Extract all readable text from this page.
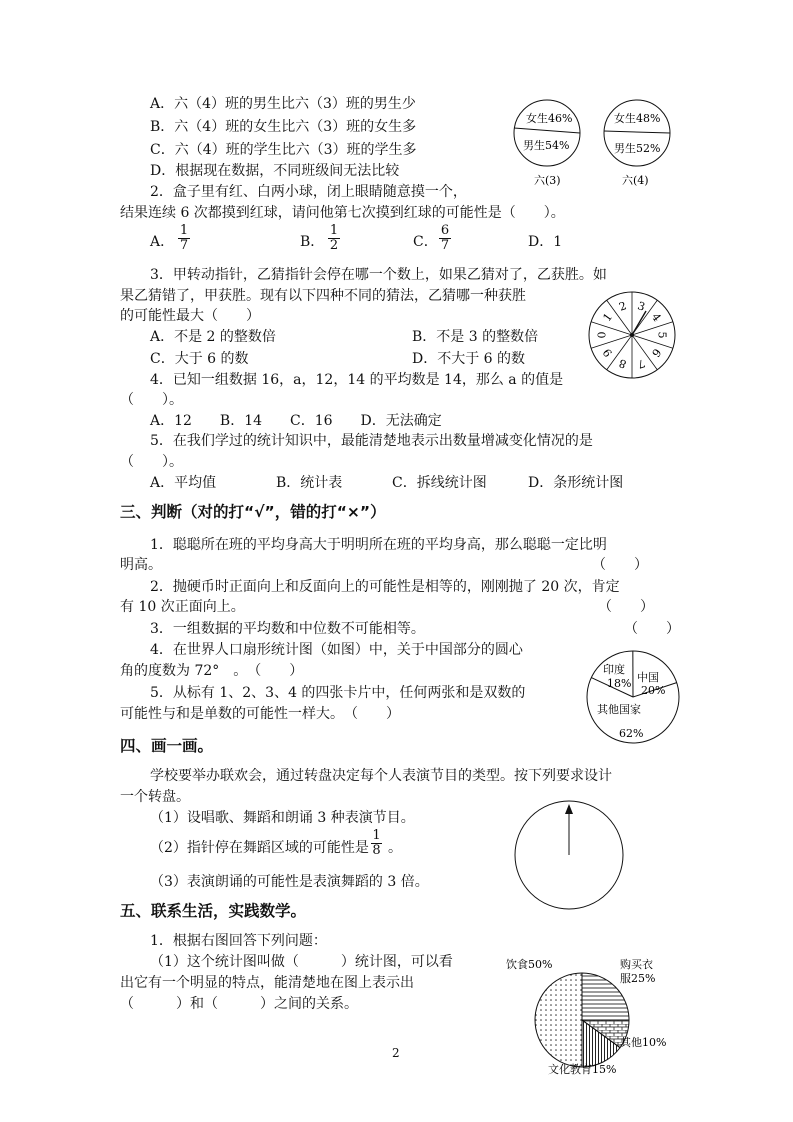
A．六（4）班的男生比六（3）班的男生少
B．六（4）班的女生比六（3）班的女生多
C．六（4）班的学生比六（3）班的学生多
D．根据现在数据，不同班级间无法比较
女生46%
男生54%
六(3)
女生48%
男生52%
六(4)
2．盒子里有红、白两小球，闭上眼睛随意摸一个，
结果连续 6 次都摸到红球，请问他第七次摸到红球的可能性是（　　）。
A． $\frac{1}{7}$	B． $\frac{1}{2}$	C． $\frac{6}{7}$	D．1
3．甲转动指针，乙猜指针会停在哪一个数上，如果乙猜对了，乙获胜。如
果乙猜错了，甲获胜。现有以下四种不同的猜法，乙猜哪一种获胜
的可能性最大（　　）
3
4
5
6
7
8
9
0
1
2
A．不是 2 的整数倍	B．不是 3 的整数倍
C．大于 6 的数	D．不大于 6 的数
4．已知一组数据 16，a，12，14 的平均数是 14，那么 a 的值是
（　　）。
A．12　　B．14　　C．16　　D．无法确定
5．在我们学过的统计知识中，最能清楚地表示出数量增减变化情况的是
（　　）。
A．平均值	B．统计表	C．拆线统计图	D．条形统计图
三、判断（对的打“√”，错的打“×”）
1．聪聪所在班的平均身高大于明明所在班的平均身高，那么聪聪一定比明
明高。	（　　）
2．抛硬币时正面向上和反面向上的可能性是相等的，刚刚抛了 20 次，肯定
有 10 次正面向上。	（　　）
3．一组数据的平均数和中位数不可能相等。	（　　）
4．在世界人口扇形统计图（如图）中，关于中国部分的圆心
角的度数为 72°　。　（　　）
5．从标有 1、2、3、4 的四张卡片中，任何两张和是双数的
可能性与和是单数的可能性一样大。　（　　）
印度
18% 中国
20%
其他国家
62%
四、画一画。
学校要举办联欢会，通过转盘决定每个人表演节目的类型。按下列要求设计
一个转盘。
（1）设唱歌、舞蹈和朗诵 3 种表演节目。
（2）指针停在舞蹈区域的可能性是 $\frac{1}{8}$ 。
（3）表演朗诵的可能性是表演舞蹈的 3 倍。
五、联系生活，实践数学。
1．根据右图回答下列问题：
（1）这个统计图叫做（　　　）统计图，可以看
出它有一个明显的特点，能清楚地在图上表示出
（　　　）和（　　　）之间的关系。
饮食50%	购买衣
服25%
其他10%
文化教育15%
2
